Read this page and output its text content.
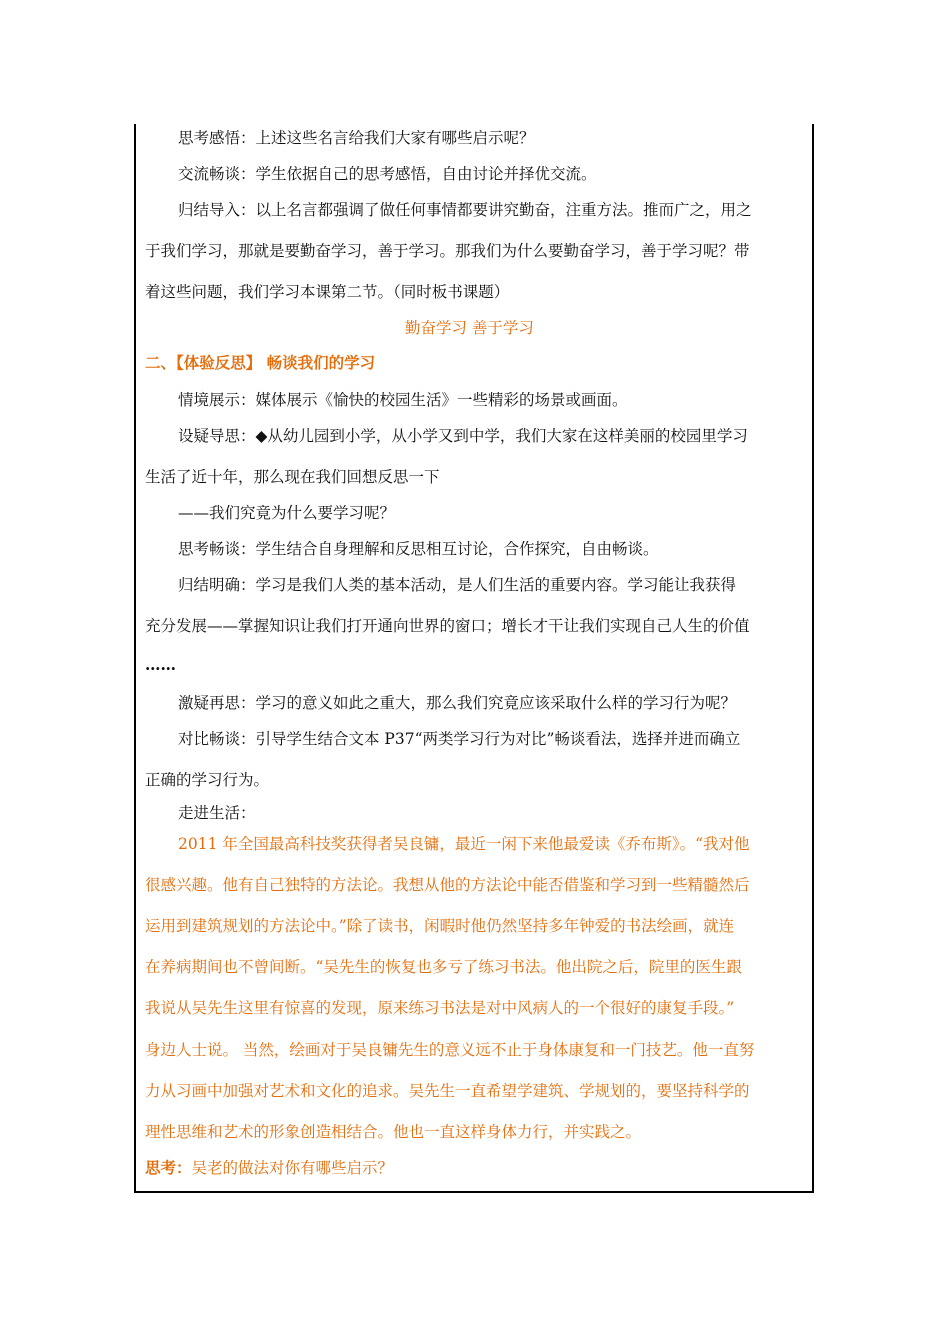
思考感悟：上述这些名言给我们大家有哪些启示呢？
交流畅谈：学生依据自己的思考感悟，自由讨论并择优交流。
归结导入：以上名言都强调了做任何事情都要讲究勤奋，注重方法。推而广之，用之
于我们学习，那就是要勤奋学习，善于学习。那我们为什么要勤奋学习，善于学习呢？带
着这些问题，我们学习本课第二节。（同时板书课题）
勤奋学习 善于学习
二、【体验反思】 畅谈我们的学习
情境展示：媒体展示《愉快的校园生活》一些精彩的场景或画面。
设疑导思：◆从幼儿园到小学，从小学又到中学，我们大家在这样美丽的校园里学习
生活了近十年，那么现在我们回想反思一下
——我们究竟为什么要学习呢？
思考畅谈：学生结合自身理解和反思相互讨论，合作探究，自由畅谈。
归结明确：学习是我们人类的基本活动，是人们生活的重要内容。学习能让我获得
充分发展——掌握知识让我们打开通向世界的窗口；增长才干让我们实现自己人生的价值
……
激疑再思：学习的意义如此之重大，那么我们究竟应该采取什么样的学习行为呢？
对比畅谈：引导学生结合文本 P37“两类学习行为对比”畅谈看法，选择并进而确立
正确的学习行为。
走进生活：
2011 年全国最高科技奖获得者吴良镛，最近一闲下来他最爱读《乔布斯》。“我对他
很感兴趣。他有自己独特的方法论。我想从他的方法论中能否借鉴和学习到一些精髓然后
运用到建筑规划的方法论中。”除了读书，闲暇时他仍然坚持多年钟爱的书法绘画，就连
在养病期间也不曾间断。“吴先生的恢复也多亏了练习书法。他出院之后，院里的医生跟
我说从吴先生这里有惊喜的发现，原来练习书法是对中风病人的一个很好的康复手段。”
身边人士说。 当然，绘画对于吴良镛先生的意义远不止于身体康复和一门技艺。他一直努
力从习画中加强对艺术和文化的追求。吴先生一直希望学建筑、学规划的，要坚持科学的
理性思维和艺术的形象创造相结合。他也一直这样身体力行，并实践之。
思考：吴老的做法对你有哪些启示？
